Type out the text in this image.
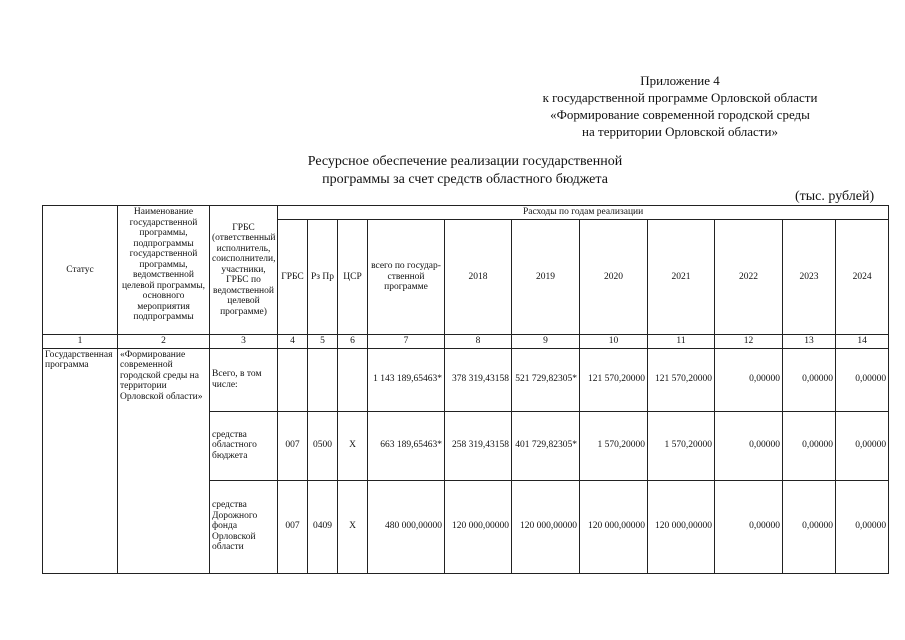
Приложение 4
к государственной программе Орловской области
«Формирование современной городской среды
на территории Орловской области»
Ресурсное обеспечение реализации государственной
программы за счет средств областного бюджета
(тыс. рублей)
Статус	Наименование государственной программы, подпрограммы государственной программы, ведомственной целевой программы, основного мероприятия подпрограммы	ГРБС (ответственный исполнитель, соисполнители, участники, ГРБС по ведомственной целевой программе)	Расходы по годам реализации										
			ГРБС	Рз Пр	ЦСР	всего по государ-ственной программе	2018	2019	2020	2021	2022	2023	2024
1	2	3	4	5	6	7	8	9	10	11	12	13	14
Государственная программа	«Формирование современной городской среды на территории Орловской области»	Всего, в том числе:				1 143 189,65463*	378 319,43158	521 729,82305*	121 570,20000	121 570,20000	0,00000	0,00000	0,00000
		средства областного бюджета	007	0500	Х	663 189,65463*	258 319,43158	401 729,82305*	1 570,20000	1 570,20000	0,00000	0,00000	0,00000
		средства Дорожного фонда Орловской области	007	0409	Х	480 000,00000	120 000,00000	120 000,00000	120 000,00000	120 000,00000	0,00000	0,00000	0,00000
